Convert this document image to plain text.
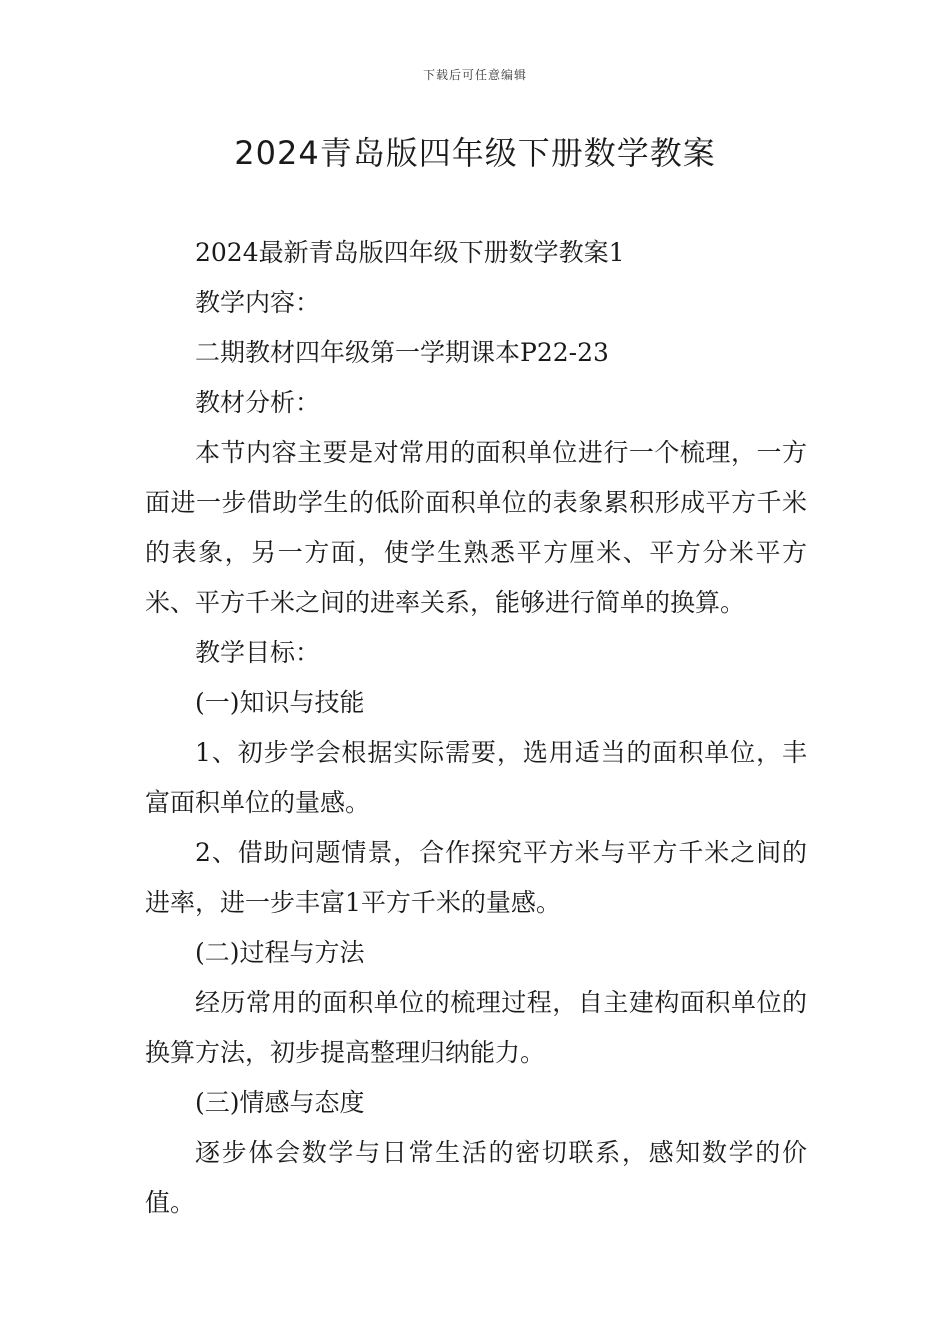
下载后可任意编辑
2024青岛版四年级下册数学教案

2024最新青岛版四年级下册数学教案1

教学内容：

二期教材四年级第一学期课本P22-23

教材分析：

本节内容主要是对常用的面积单位进行一个梳理，一方面进一步借助学生的低阶面积单位的表象累积形成平方千米的表象，另一方面，使学生熟悉平方厘米、平方分米平方米、平方千米之间的进率关系，能够进行简单的换算。

教学目标：

(一)知识与技能

1、初步学会根据实际需要，选用适当的面积单位，丰富面积单位的量感。

2、借助问题情景，合作探究平方米与平方千米之间的进率，进一步丰富1平方千米的量感。

(二)过程与方法

经历常用的面积单位的梳理过程，自主建构面积单位的换算方法，初步提高整理归纳能力。

(三)情感与态度

逐步体会数学与日常生活的密切联系，感知数学的价值。
